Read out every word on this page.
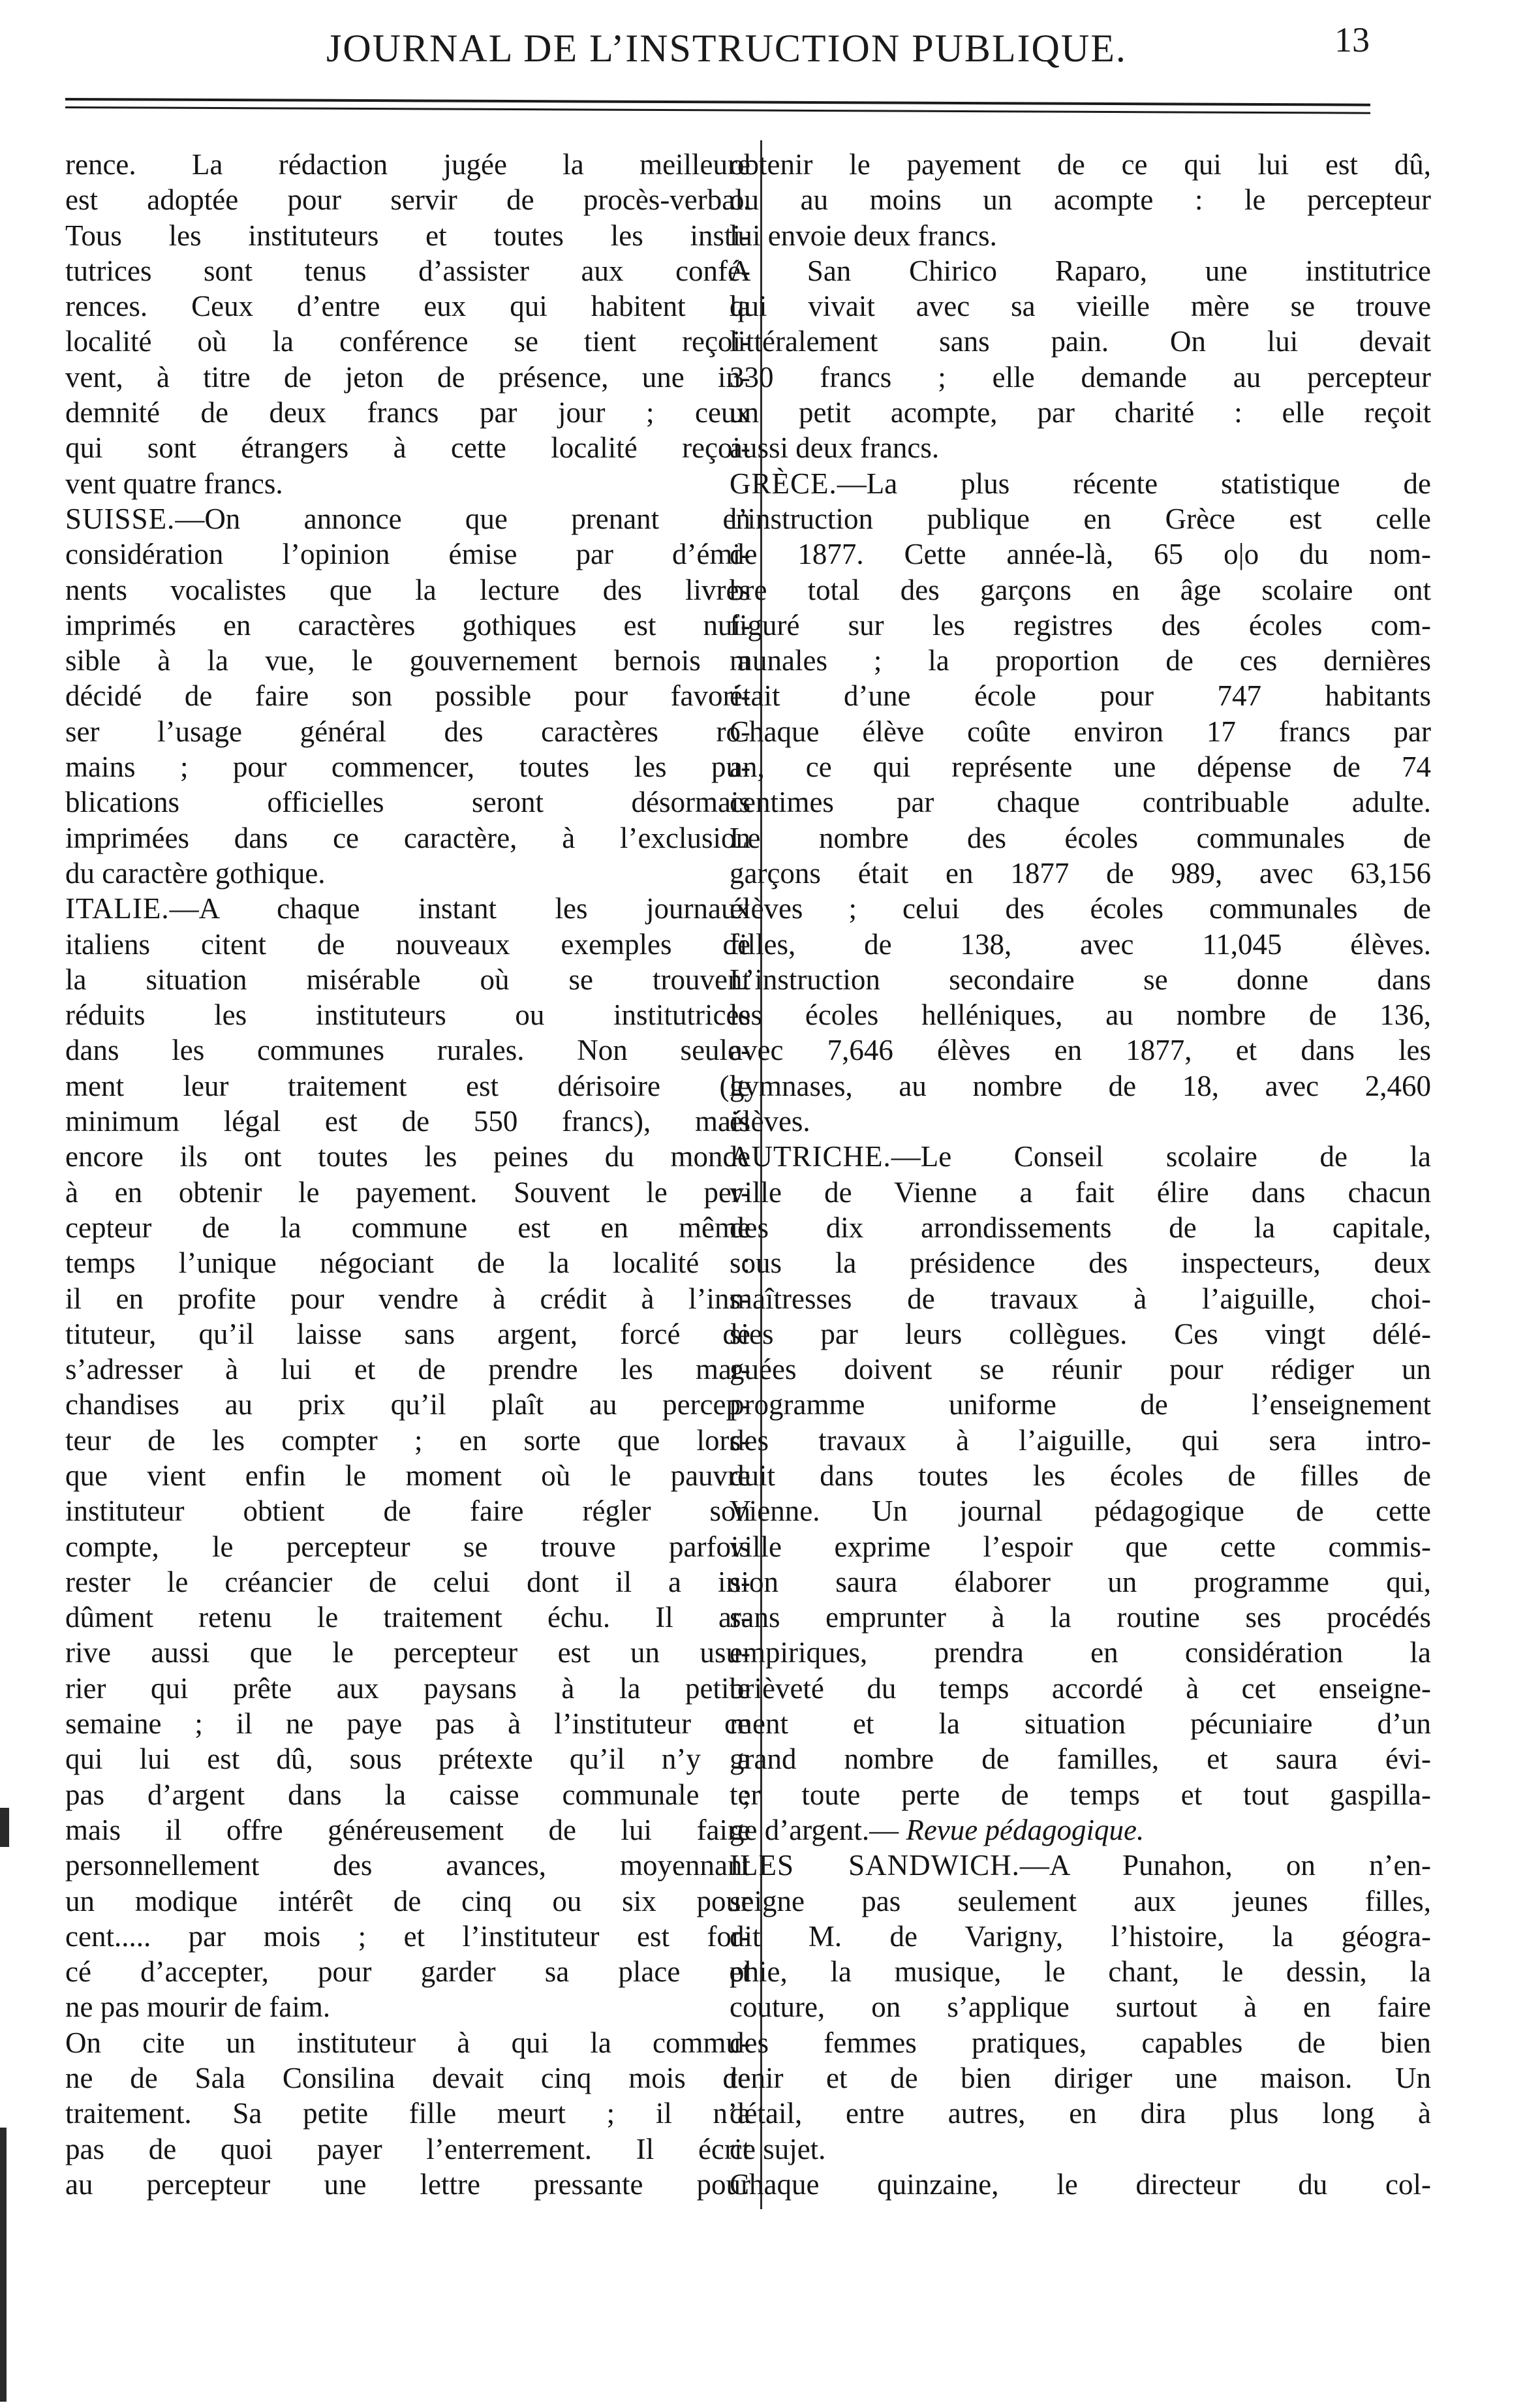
JOURNAL DE L’INSTRUCTION PUBLIQUE.	13
rence. La rédaction jugée la meilleure
est adoptée pour servir de procès-verbal.
Tous les instituteurs et toutes les insti-
tutrices sont tenus d’assister aux confé-
rences. Ceux d’entre eux qui habitent la
localité où la conférence se tient reçoi-
vent, à titre de jeton de présence, une in-
demnité de deux francs par jour ; ceux
qui sont étrangers à cette localité reçoi-
vent quatre francs.
SUISSE.—On annonce que prenant en
considération l’opinion émise par d’émi-
nents vocalistes que la lecture des livres
imprimés en caractères gothiques est nui-
sible à la vue, le gouvernement bernois a
décidé de faire son possible pour favori-
ser l’usage général des caractères ro-
mains ; pour commencer, toutes les pu-
blications officielles seront désormais
imprimées dans ce caractère, à l’exclusion
du caractère gothique.
ITALIE.—A chaque instant les journaux
italiens citent de nouveaux exemples de
la situation misérable où se trouvent
réduits les instituteurs ou institutrices
dans les communes rurales. Non seule-
ment leur traitement est dérisoire (le
minimum légal est de 550 francs), mais
encore ils ont toutes les peines du monde
à en obtenir le payement. Souvent le per-
cepteur de la commune est en même
temps l’unique négociant de la localité :
il en profite pour vendre à crédit à l’ins-
tituteur, qu’il laisse sans argent, forcé de
s’adresser à lui et de prendre les mar-
chandises au prix qu’il plaît au percep-
teur de les compter ; en sorte que lors-
que vient enfin le moment où le pauvre
instituteur obtient de faire régler son
compte, le percepteur se trouve parfois
rester le créancier de celui dont il a in-
dûment retenu le traitement échu. Il ar-
rive aussi que le percepteur est un usu-
rier qui prête aux paysans à la petite
semaine ; il ne paye pas à l’instituteur ce
qui lui est dû, sous prétexte qu’il n’y a
pas d’argent dans la caisse communale ;
mais il offre généreusement de lui faire
personnellement des avances, moyennant
un modique intérêt de cinq ou six pour
cent..... par mois ; et l’instituteur est for-
cé d’accepter, pour garder sa place et
ne pas mourir de faim.
On cite un instituteur à qui la commu-
ne de Sala Consilina devait cinq mois de
traitement. Sa petite fille meurt ; il n’a
pas de quoi payer l’enterrement. Il écrit
au percepteur une lettre pressante pour
obtenir le payement de ce qui lui est dû,
ou au moins un acompte : le percepteur
lui envoie deux francs.
A San Chirico Raparo, une institutrice
qui vivait avec sa vieille mère se trouve
littéralement sans pain. On lui devait
330 francs ; elle demande au percepteur
un petit acompte, par charité : elle reçoit
aussi deux francs.
GRÈCE.—La plus récente statistique de
l’instruction publique en Grèce est celle
de 1877. Cette année-là, 65 o|o du nom-
bre total des garçons en âge scolaire ont
figuré sur les registres des écoles com-
munales ; la proportion de ces dernières
était d’une école pour 747 habitants
Chaque élève coûte environ 17 francs par
an, ce qui représente une dépense de 74
centimes par chaque contribuable adulte.
Le nombre des écoles communales de
garçons était en 1877 de 989, avec 63,156
élèves ; celui des écoles communales de
filles, de 138, avec 11,045 élèves.
L’instruction secondaire se donne dans
les écoles helléniques, au nombre de 136,
avec 7,646 élèves en 1877, et dans les
gymnases, au nombre de 18, avec 2,460
élèves.
AUTRICHE.—Le Conseil scolaire de la
ville de Vienne a fait élire dans chacun
des dix arrondissements de la capitale,
sous la présidence des inspecteurs, deux
maîtresses de travaux à l’aiguille, choi-
sies par leurs collègues. Ces vingt délé-
guées doivent se réunir pour rédiger un
programme uniforme de l’enseignement
des travaux à l’aiguille, qui sera intro-
duit dans toutes les écoles de filles de
Vienne. Un journal pédagogique de cette
ville exprime l’espoir que cette commis-
sion saura élaborer un programme qui,
sans emprunter à la routine ses procédés
empiriques, prendra en considération la
brièveté du temps accordé à cet enseigne-
ment et la situation pécuniaire d’un
grand nombre de familles, et saura évi-
ter toute perte de temps et tout gaspilla-
ge d’argent.— Revue pédagogique.
ILES SANDWICH.—A Punahon, on n’en-
seigne pas seulement aux jeunes filles,
dit M. de Varigny, l’histoire, la géogra-
phie, la musique, le chant, le dessin, la
couture, on s’applique surtout à en faire
des femmes pratiques, capables de bien
tenir et de bien diriger une maison. Un
détail, entre autres, en dira plus long à
ce sujet.
Chaque quinzaine, le directeur du col-
